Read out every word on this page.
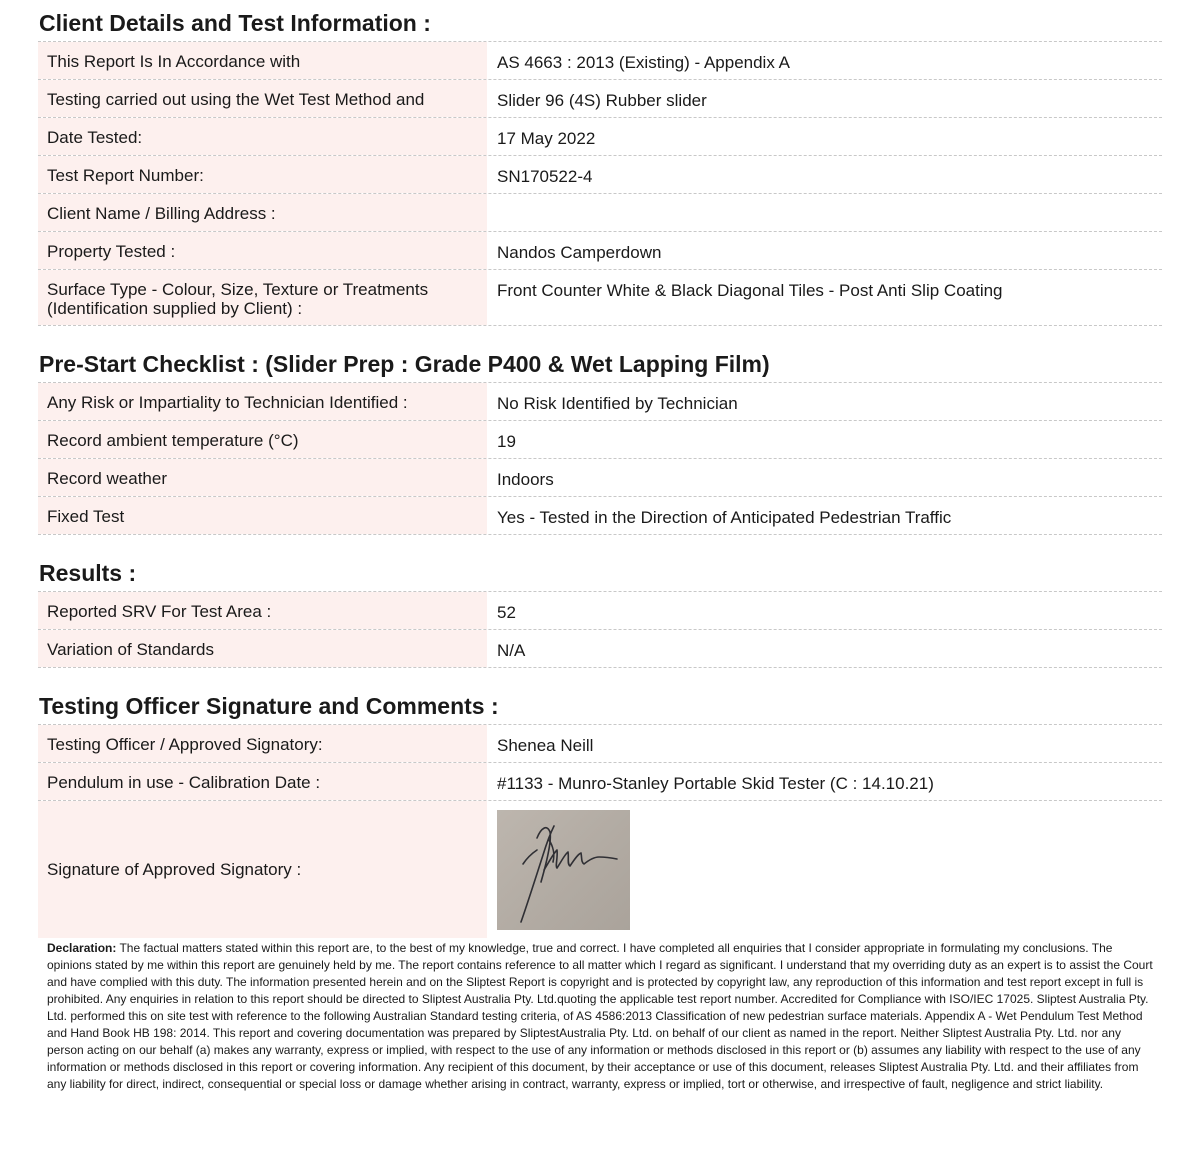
Client Details and Test Information :
This Report Is In Accordance with	AS 4663 : 2013 (Existing) - Appendix A
Testing carried out using the Wet Test Method and	Slider 96 (4S) Rubber slider
Date Tested:	17 May 2022
Test Report Number:	SN170522-4
Client Name / Billing Address :
Property Tested :	Nandos Camperdown
Surface Type - Colour, Size, Texture or Treatments (Identification supplied by Client) :
Front Counter White & Black Diagonal Tiles - Post Anti Slip Coating
Pre-Start Checklist : (Slider Prep : Grade P400 & Wet Lapping Film)
Any Risk or Impartiality to Technician Identified :	No Risk Identified by Technician
Record ambient temperature (°C)	19
Record weather	Indoors
Fixed Test	Yes - Tested in the Direction of Anticipated Pedestrian Traffic
Results :
Reported SRV For Test Area :	52
Variation of Standards	N/A
Testing Officer Signature and Comments :
Testing Officer / Approved Signatory:	Shenea Neill
Pendulum in use - Calibration Date :	#1133 - Munro-Stanley Portable Skid Tester (C : 14.10.21)
Signature of Approved Signatory :
Declaration: The factual matters stated within this report are, to the best of my knowledge, true and correct. I have completed all enquiries that I consider appropriate in formulating my conclusions. The opinions stated by me within this report are genuinely held by me. The report contains reference to all matter which I regard as significant. I understand that my overriding duty as an expert is to assist the Court and have complied with this duty. The information presented herein and on the Sliptest Report is copyright and is protected by copyright law, any reproduction of this information and test report except in full is prohibited. Any enquiries in relation to this report should be directed to Sliptest Australia Pty. Ltd.quoting the applicable test report number. Accredited for Compliance with ISO/IEC 17025. Sliptest Australia Pty. Ltd. performed this on site test with reference to the following Australian Standard testing criteria, of AS 4586:2013 Classification of new pedestrian surface materials. Appendix A - Wet Pendulum Test Method and Hand Book HB 198: 2014. This report and covering documentation was prepared by SliptestAustralia Pty. Ltd. on behalf of our client as named in the report. Neither Sliptest Australia Pty. Ltd. nor any person acting on our behalf (a) makes any warranty, express or implied, with respect to the use of any information or methods disclosed in this report or (b) assumes any liability with respect to the use of any information or methods disclosed in this report or covering information. Any recipient of this document, by their acceptance or use of this document, releases Sliptest Australia Pty. Ltd. and their affiliates from any liability for direct, indirect, consequential or special loss or damage whether arising in contract, warranty, express or implied, tort or otherwise, and irrespective of fault, negligence and strict liability.
